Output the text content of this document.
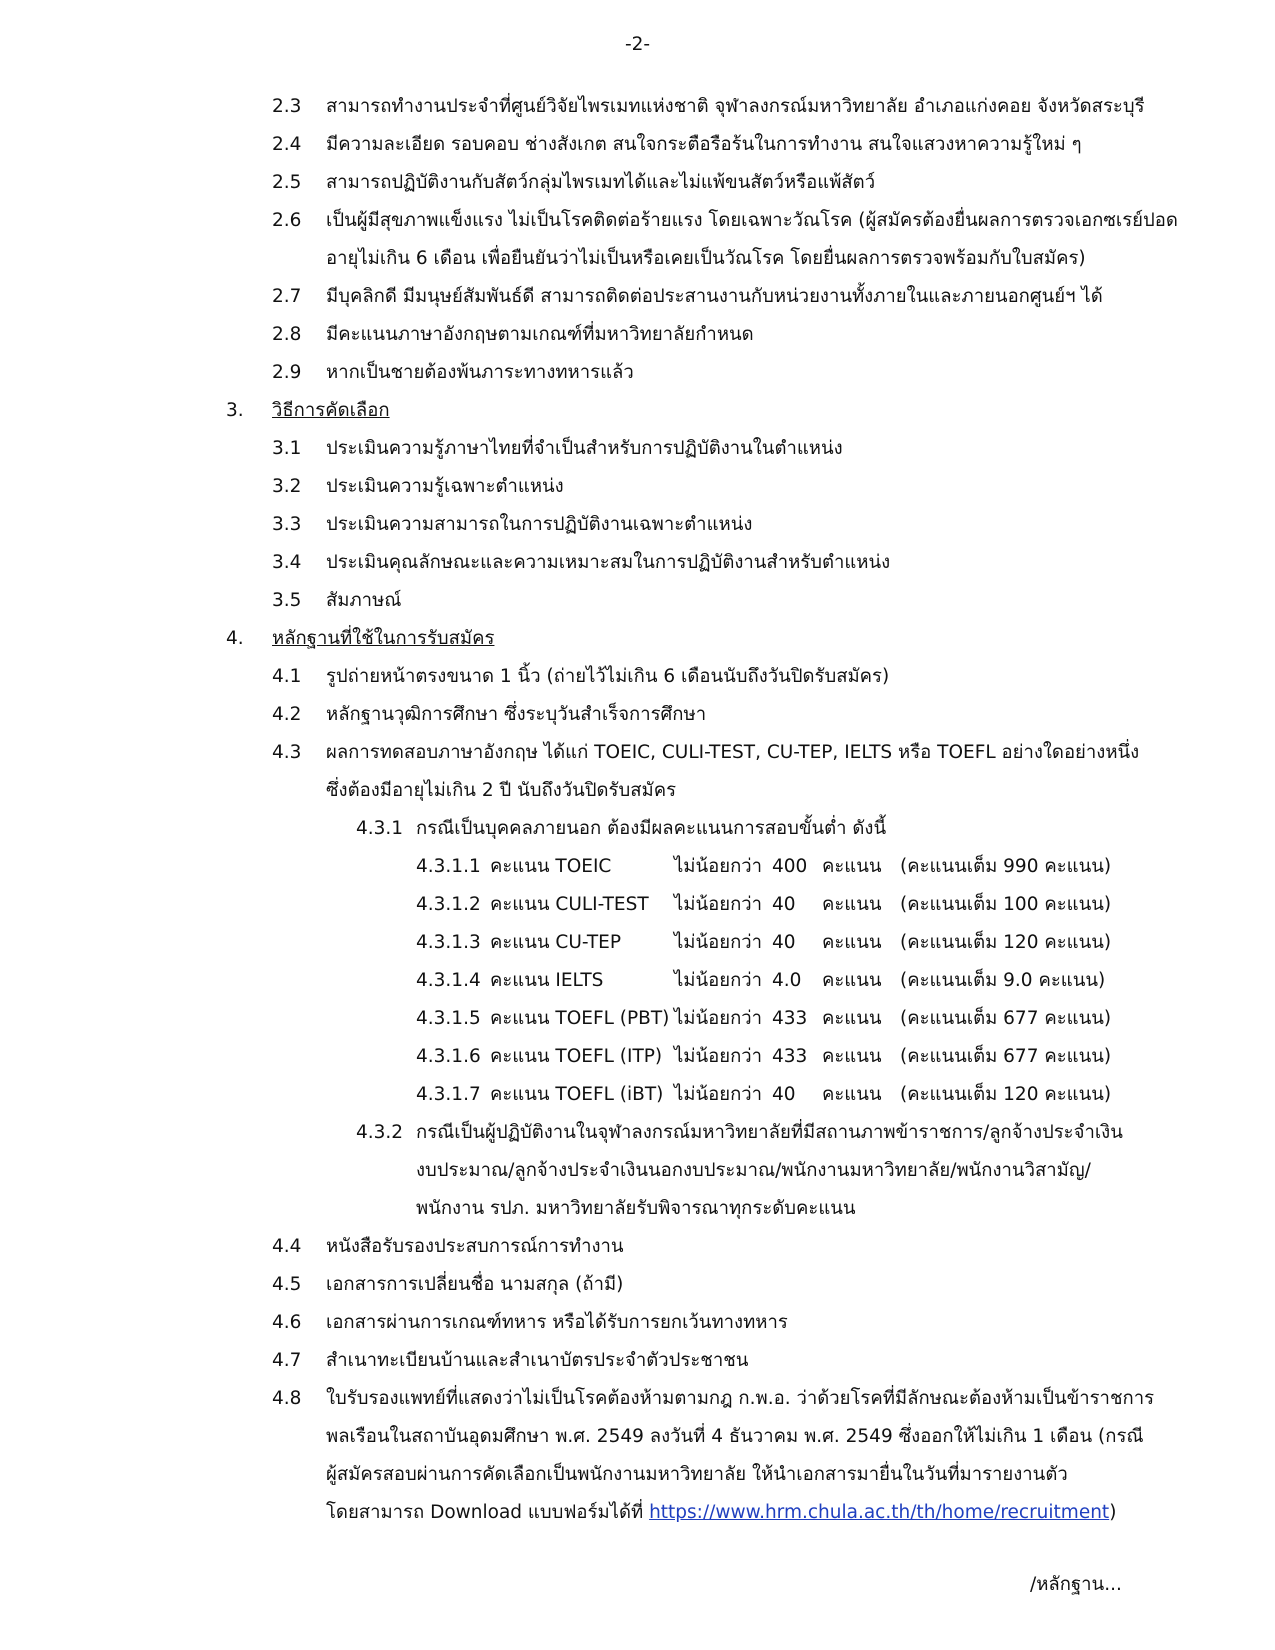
-2-
2.3 สามารถทำงานประจำที่ศูนย์วิจัยไพรเมทแห่งชาติ จุฬาลงกรณ์มหาวิทยาลัย อำเภอแก่งคอย จังหวัดสระบุรี
2.4 มีความละเอียด รอบคอบ ช่างสังเกต สนใจกระตือรือร้นในการทำงาน สนใจแสวงหาความรู้ใหม่ ๆ
2.5 สามารถปฏิบัติงานกับสัตว์กลุ่มไพรเมทได้และไม่แพ้ขนสัตว์หรือแพ้สัตว์
2.6 เป็นผู้มีสุขภาพแข็งแรง ไม่เป็นโรคติดต่อร้ายแรง โดยเฉพาะวัณโรค (ผู้สมัครต้องยื่นผลการตรวจเอกซเรย์ปอด
อายุไม่เกิน 6 เดือน เพื่อยืนยันว่าไม่เป็นหรือเคยเป็นวัณโรค โดยยื่นผลการตรวจพร้อมกับใบสมัคร)
2.7 มีบุคลิกดี มีมนุษย์สัมพันธ์ดี สามารถติดต่อประสานงานกับหน่วยงานทั้งภายในและภายนอกศูนย์ฯ ได้
2.8 มีคะแนนภาษาอังกฤษตามเกณฑ์ที่มหาวิทยาลัยกำหนด
2.9 หากเป็นชายต้องพ้นภาระทางทหารแล้ว
3. วิธีการคัดเลือก
3.1 ประเมินความรู้ภาษาไทยที่จำเป็นสำหรับการปฏิบัติงานในตำแหน่ง
3.2 ประเมินความรู้เฉพาะตำแหน่ง
3.3 ประเมินความสามารถในการปฏิบัติงานเฉพาะตำแหน่ง
3.4 ประเมินคุณลักษณะและความเหมาะสมในการปฏิบัติงานสำหรับตำแหน่ง
3.5 สัมภาษณ์
4. หลักฐานที่ใช้ในการรับสมัคร
4.1 รูปถ่ายหน้าตรงขนาด 1 นิ้ว (ถ่ายไว้ไม่เกิน 6 เดือนนับถึงวันปิดรับสมัคร)
4.2 หลักฐานวุฒิการศึกษา ซึ่งระบุวันสำเร็จการศึกษา
4.3 ผลการทดสอบภาษาอังกฤษ ได้แก่ TOEIC, CULI-TEST, CU-TEP, IELTS หรือ TOEFL อย่างใดอย่างหนึ่ง
ซึ่งต้องมีอายุไม่เกิน 2 ปี นับถึงวันปิดรับสมัคร
4.3.1 กรณีเป็นบุคคลภายนอก ต้องมีผลคะแนนการสอบขั้นต่ำ ดังนี้
4.3.1.1 คะแนน TOEIC	ไม่น้อยกว่า 400 คะแนน (คะแนนเต็ม 990 คะแนน)
4.3.1.2 คะแนน CULI-TEST ไม่น้อยกว่า 40 คะแนน (คะแนนเต็ม 100 คะแนน)
4.3.1.3 คะแนน CU-TEP	ไม่น้อยกว่า 40 คะแนน (คะแนนเต็ม 120 คะแนน)
4.3.1.4 คะแนน IELTS	ไม่น้อยกว่า 4.0 คะแนน (คะแนนเต็ม 9.0 คะแนน)
4.3.1.5 คะแนน TOEFL (PBT) ไม่น้อยกว่า 433 คะแนน (คะแนนเต็ม 677 คะแนน)
4.3.1.6 คะแนน TOEFL (ITP) ไม่น้อยกว่า 433 คะแนน (คะแนนเต็ม 677 คะแนน)
4.3.1.7 คะแนน TOEFL (iBT) ไม่น้อยกว่า 40 คะแนน (คะแนนเต็ม 120 คะแนน)
4.3.2 กรณีเป็นผู้ปฏิบัติงานในจุฬาลงกรณ์มหาวิทยาลัยที่มีสถานภาพข้าราชการ/ลูกจ้างประจำเงิน
งบประมาณ/ลูกจ้างประจำเงินนอกงบประมาณ/พนักงานมหาวิทยาลัย/พนักงานวิสามัญ/
พนักงาน รปภ. มหาวิทยาลัยรับพิจารณาทุกระดับคะแนน
4.4 หนังสือรับรองประสบการณ์การทำงาน
4.5 เอกสารการเปลี่ยนชื่อ นามสกุล (ถ้ามี)
4.6 เอกสารผ่านการเกณฑ์ทหาร หรือได้รับการยกเว้นทางทหาร
4.7 สำเนาทะเบียนบ้านและสำเนาบัตรประจำตัวประชาชน
4.8 ใบรับรองแพทย์ที่แสดงว่าไม่เป็นโรคต้องห้ามตามกฎ ก.พ.อ. ว่าด้วยโรคที่มีลักษณะต้องห้ามเป็นข้าราชการ
พลเรือนในสถาบันอุดมศึกษา พ.ศ. 2549 ลงวันที่ 4 ธันวาคม พ.ศ. 2549 ซึ่งออกให้ไม่เกิน 1 เดือน (กรณี
ผู้สมัครสอบผ่านการคัดเลือกเป็นพนักงานมหาวิทยาลัย ให้นำเอกสารมายื่นในวันที่มารายงานตัว
โดยสามารถ Download แบบฟอร์มได้ที่ https://www.hrm.chula.ac.th/th/home/recruitment)
/หลักฐาน...
